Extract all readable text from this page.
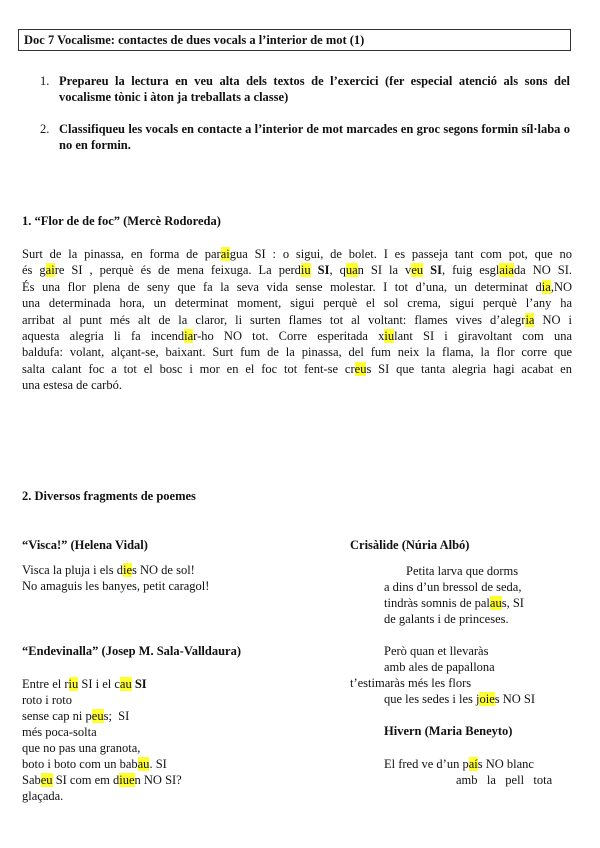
Doc 7 Vocalisme: contactes de dues vocals a l’interior de mot (1)
1. Prepareu la lectura en veu alta dels textos de l’exercici (fer especial atenció als sons del vocalisme tònic i àton ja treballats a classe)
2. Classifiqueu les vocals en contacte a l’interior de mot marcades en groc segons formin síl·laba o no en formin.
1. “Flor de de foc” (Mercè Rodoreda)
Surt de la pinassa, en forma de paraigua SI : o sigui, de bolet. I es passeja tant com pot, que no
és gaire SI , perquè és de mena feixuga. La perdiu SI, quan SI la veu SI, fuig esglaiada NO SI.
És una flor plena de seny que fa la seva vida sense molestar. I tot d’una, un determinat dia,NO
una determinada hora, un determinat moment, sigui perquè el sol crema, sigui perquè l’any ha
arribat al punt més alt de la claror, li surten flames tot al voltant: flames vives d’alegria NO i
aquesta alegria li fa incendiar-ho NO tot. Corre esperitada xiulant SI i giravoltant com una
baldufa: volant, alçant-se, baixant. Surt fum de la pinassa, del fum neix la flama, la flor corre que
salta calant foc a tot el bosc i mor en el foc tot fent-se creus SI que tanta alegria hagi acabat en
una estesa de carbó.
2. Diversos fragments de poemes
“Visca!” (Helena Vidal)
Visca la pluja i els dies NO de sol!
No amaguis les banyes, petit caragol!
Crisàlide (Núria Albó)
Petita larva que dorms
a dins d’un bressol de seda,
tindràs somnis de palaus, SI
de galants i de princeses.
“Endevinalla” (Josep M. Sala-Valldaura)	Però quan et llevaràs
amb ales de papallona
t’estimaràs més les flors
que les sedes i les joies NO SI
Entre el riu SI i el cau SI
roto i roto
sense cap ni peus;  SI
més poca-solta
que no pas una granota,
boto i boto com un babau. SI
Sabeu SI com em diuen NO SI?
glaçada.
Hivern (Maria Beneyto)
El fred ve d’un país NO blanc
amb   la   pell   tota
